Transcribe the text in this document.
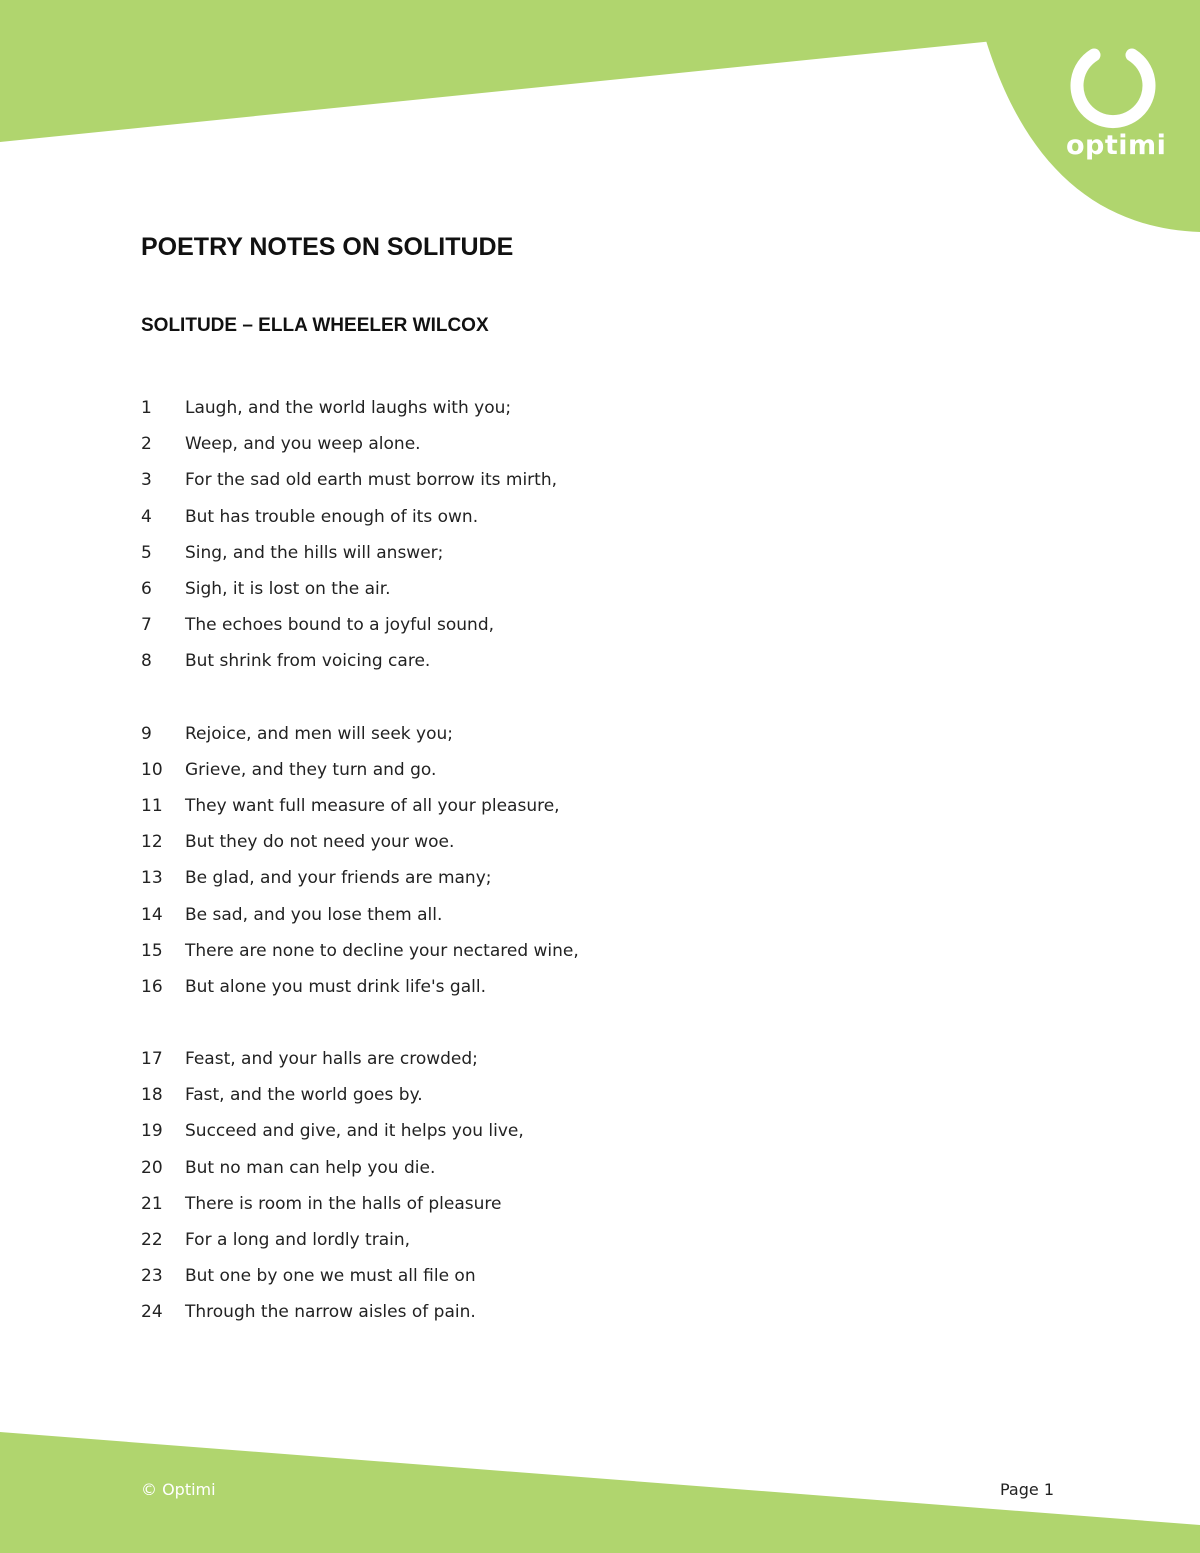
optimi
POETRY NOTES ON SOLITUDE
SOLITUDE – ELLA WHEELER WILCOX
1	Laugh, and the world laughs with you;
2	Weep, and you weep alone.
3	For the sad old earth must borrow its mirth,
4	But has trouble enough of its own.
5	Sing, and the hills will answer;
6	Sigh, it is lost on the air.
7	The echoes bound to a joyful sound,
8	But shrink from voicing care.
9	Rejoice, and men will seek you;
10	Grieve, and they turn and go.
11	They want full measure of all your pleasure,
12	But they do not need your woe.
13	Be glad, and your friends are many;
14	Be sad, and you lose them all.
15	There are none to decline your nectared wine,
16	But alone you must drink life's gall.
17	Feast, and your halls are crowded;
18	Fast, and the world goes by.
19	Succeed and give, and it helps you live,
20	But no man can help you die.
21	There is room in the halls of pleasure
22	For a long and lordly train,
23	But one by one we must all file on
24	Through the narrow aisles of pain.
© Optimi	Page 1
